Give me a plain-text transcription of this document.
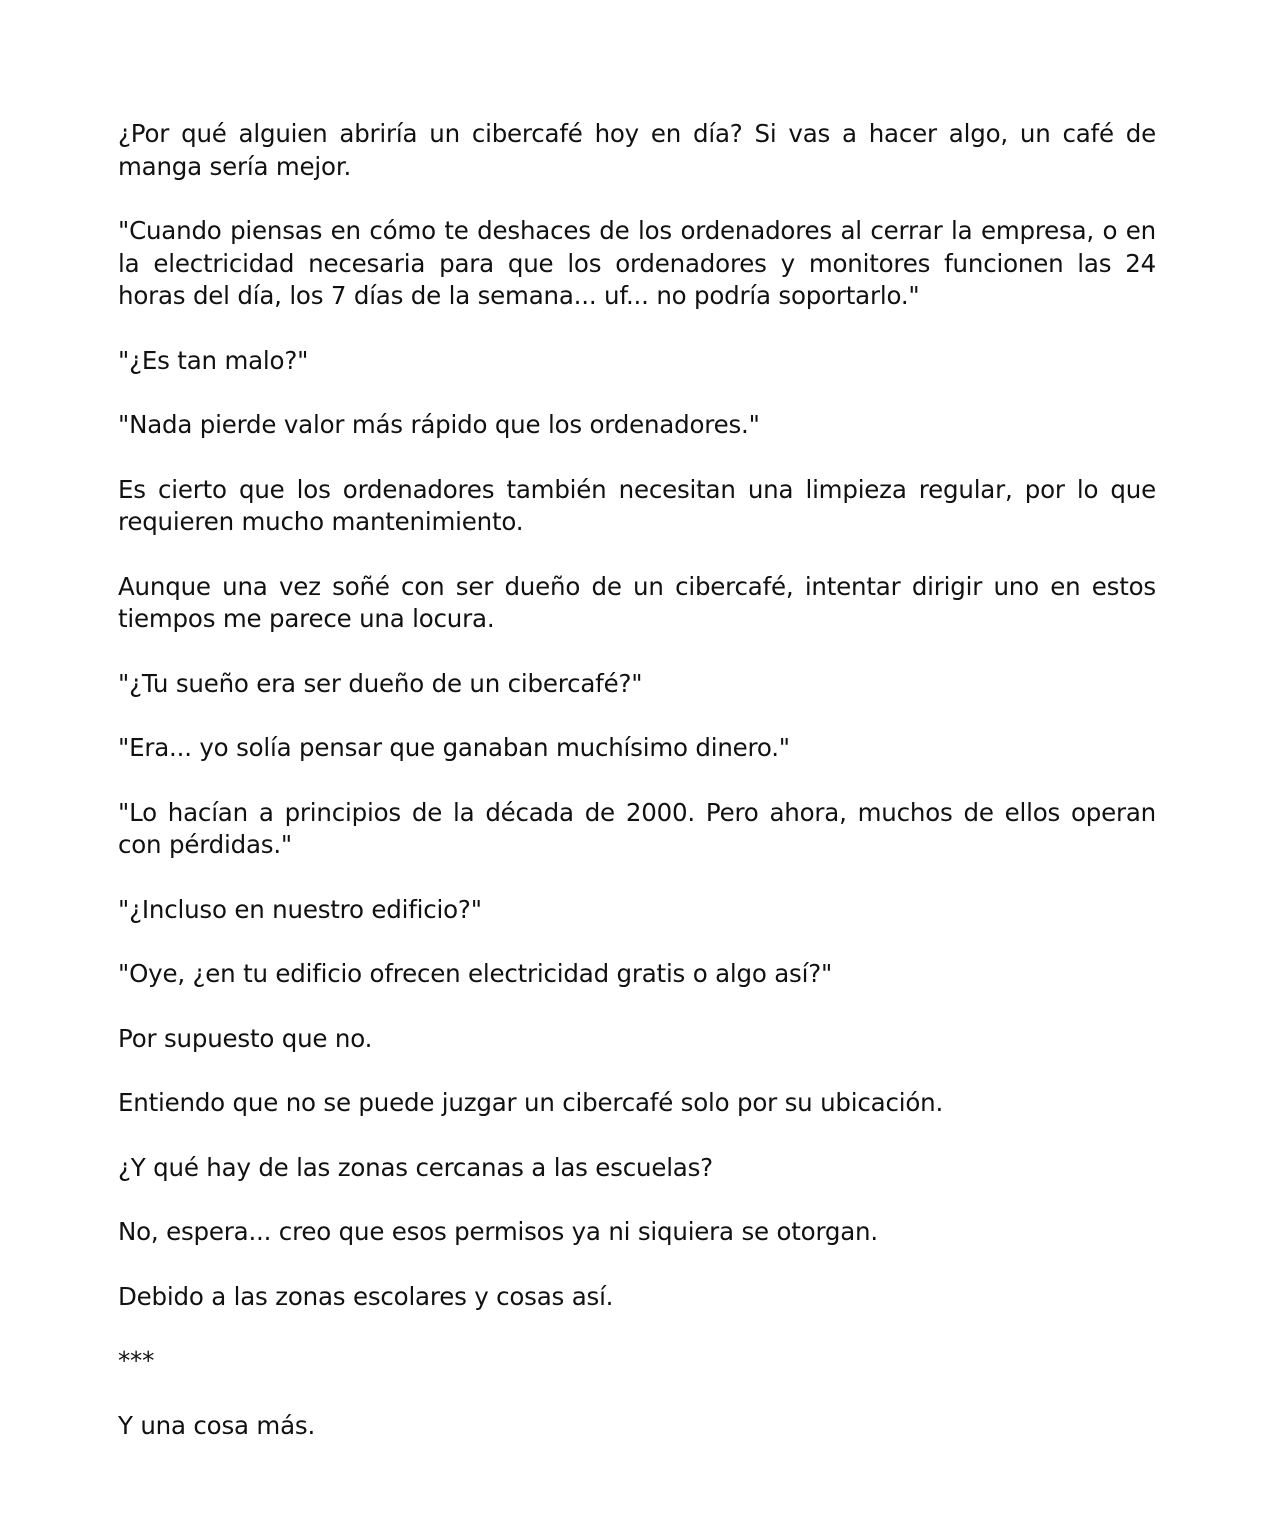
¿Por qué alguien abriría un cibercafé hoy en día? Si vas a hacer algo, un café de manga sería mejor.

"Cuando piensas en cómo te deshaces de los ordenadores al cerrar la empresa, o en la electricidad necesaria para que los ordenadores y monitores funcionen las 24 horas del día, los 7 días de la semana... uf... no podría soportarlo."

"¿Es tan malo?"

"Nada pierde valor más rápido que los ordenadores."

Es cierto que los ordenadores también necesitan una limpieza regular, por lo que requieren mucho mantenimiento.

Aunque una vez soñé con ser dueño de un cibercafé, intentar dirigir uno en estos tiempos me parece una locura.

"¿Tu sueño era ser dueño de un cibercafé?"

"Era... yo solía pensar que ganaban muchísimo dinero."

"Lo hacían a principios de la década de 2000. Pero ahora, muchos de ellos operan con pérdidas."

"¿Incluso en nuestro edificio?"

"Oye, ¿en tu edificio ofrecen electricidad gratis o algo así?"

Por supuesto que no.

Entiendo que no se puede juzgar un cibercafé solo por su ubicación.

¿Y qué hay de las zonas cercanas a las escuelas?

No, espera... creo que esos permisos ya ni siquiera se otorgan.

Debido a las zonas escolares y cosas así.

***

Y una cosa más.
